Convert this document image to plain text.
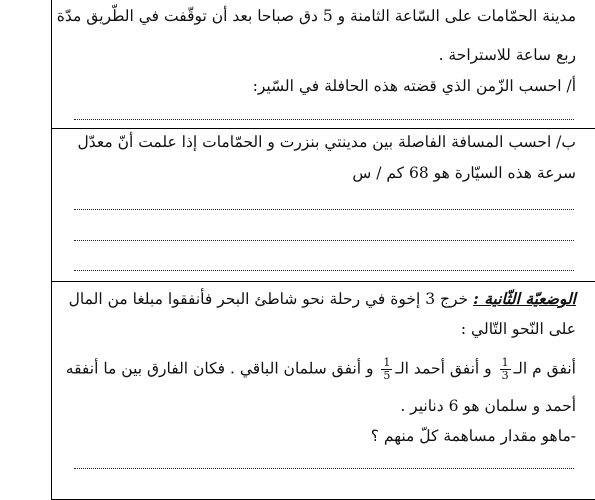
مدينة الحمّامات على السّاعة الثامنة و 5 دق صباحا بعد أن توقّفت في الطّريق مدّة

ربع ساعة للاستراحة .

أ/ احسب الزّمن الذي قضته هذه الحافلة في السّير:

ب/ احسب المسافة الفاصلة بين مدينتي بنزرت و الحمّامات إذا علمت أنّ معدّل

سرعة هذه السيّارة هو 68 كم / س

الوضعيّة الثّانية : خرج 3 إخوة في رحلة نحو شاطئ البحر فأنفقوا مبلغا من المال

على النّحو التّالي :

أنفق م الـ
$\frac{1}{3}$
و أنفق أحمد الـ
$\frac{1}{5}$
و أنفق سلمان الباقي . فكان الفارق بين ما أنفقه

أحمد و سلمان هو 6 دنانير .

-ماهو مقدار مساهمة كلّ منهم ؟
